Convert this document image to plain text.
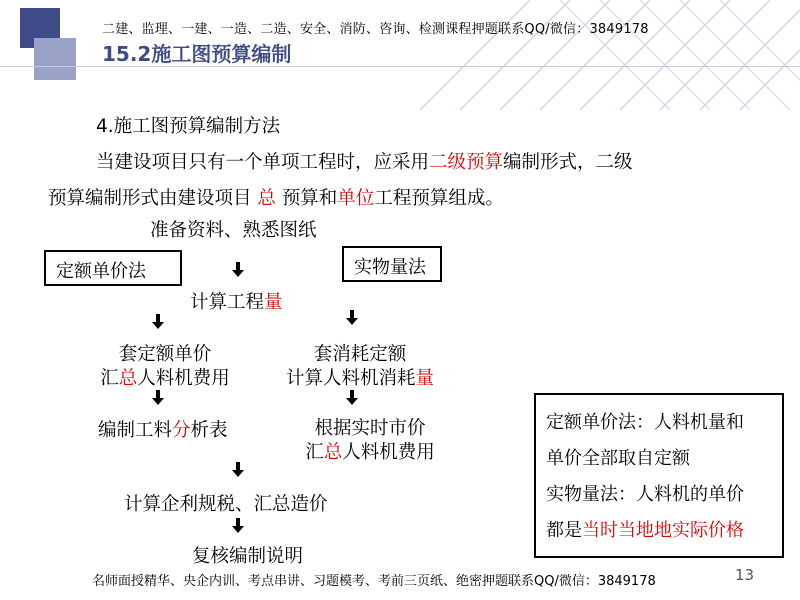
二建、监理、一建、一造、二造、安全、消防、咨询、检测课程押题联系QQ/微信：3849178
15.2施工图预算编制
4.施工图预算编制方法
当建设项目只有一个单项工程时，应采用二级预算编制形式，二级
预算编制形式由建设项目 总 预算和单位工程预算组成。
准备资料、熟悉图纸
定额单价法	实物量法
计算工程量
套定额单价
汇总人料机费用
套消耗定额
计算人料机消耗量
编制工料分析表	根据实时市价
汇总人料机费用
计算企利规税、汇总造价
复核编制说明
定额单价法：人料机量和
单价全部取自定额
实物量法：人料机的单价
都是当时当地地实际价格
名师面授精华、央企内训、考点串讲、习题模考、考前三页纸、绝密押题联系QQ/微信：3849178	13
